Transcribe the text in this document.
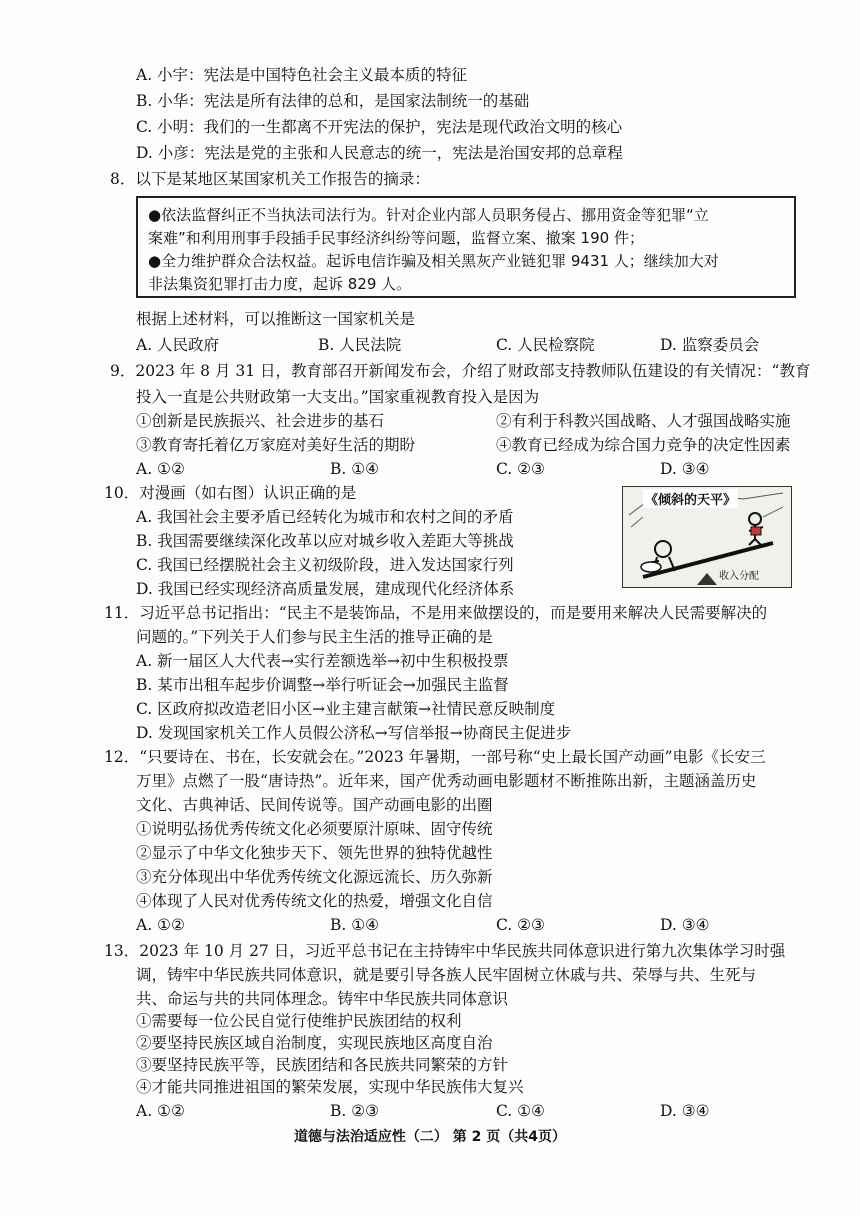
A. 小宇：宪法是中国特色社会主义最本质的特征
B. 小华：宪法是所有法律的总和，是国家法制统一的基础
C. 小明：我们的一生都离不开宪法的保护，宪法是现代政治文明的核心
D. 小彦：宪法是党的主张和人民意志的统一，宪法是治国安邦的总章程
8．以下是某地区某国家机关工作报告的摘录：
●依法监督纠正不当执法司法行为。针对企业内部人员职务侵占、挪用资金等犯罪“立
案难”和利用刑事手段插手民事经济纠纷等问题，监督立案、撤案 190 件；
●全力维护群众合法权益。起诉电信诈骗及相关黑灰产业链犯罪 9431 人；继续加大对
非法集资犯罪打击力度，起诉 829 人。
根据上述材料，可以推断这一国家机关是
A. 人民政府	B. 人民法院	C. 人民检察院	D. 监察委员会
9．2023 年 8 月 31 日，教育部召开新闻发布会，介绍了财政部支持教师队伍建设的有关情况：“教育
投入一直是公共财政第一大支出。”国家重视教育投入是因为
①创新是民族振兴、社会进步的基石	②有利于科教兴国战略、人才强国战略实施
③教育寄托着亿万家庭对美好生活的期盼	④教育已经成为综合国力竞争的决定性因素
A. ①②	B. ①④	C. ②③	D. ③④
10．对漫画（如右图）认识正确的是
A. 我国社会主要矛盾已经转化为城市和农村之间的矛盾
B. 我国需要继续深化改革以应对城乡收入差距大等挑战
C. 我国已经摆脱社会主义初级阶段，进入发达国家行列
D. 我国已经实现经济高质量发展，建成现代化经济体系
《倾斜的天平》
收入分配
11．习近平总书记指出：“民主不是装饰品，不是用来做摆设的，而是要用来解决人民需要解决的
问题的。”下列关于人们参与民主生活的推导正确的是
A. 新一届区人大代表→实行差额选举→初中生积极投票
B. 某市出租车起步价调整→举行听证会→加强民主监督
C. 区政府拟改造老旧小区→业主建言献策→社情民意反映制度
D. 发现国家机关工作人员假公济私→写信举报→协商民主促进步
12．“只要诗在、书在，长安就会在。”2023 年暑期，一部号称“史上最长国产动画”电影《长安三
万里》点燃了一股“唐诗热”。近年来，国产优秀动画电影题材不断推陈出新，主题涵盖历史
文化、古典神话、民间传说等。国产动画电影的出圈
①说明弘扬优秀传统文化必须要原汁原味、固守传统
②显示了中华文化独步天下、领先世界的独特优越性
③充分体现出中华优秀传统文化源远流长、历久弥新
④体现了人民对优秀传统文化的热爱，增强文化自信
A. ①②	B. ①④	C. ②③	D. ③④
13．2023 年 10 月 27 日，习近平总书记在主持铸牢中华民族共同体意识进行第九次集体学习时强
调，铸牢中华民族共同体意识，就是要引导各族人民牢固树立休戚与共、荣辱与共、生死与
共、命运与共的共同体理念。铸牢中华民族共同体意识
①需要每一位公民自觉行使维护民族团结的权利
②要坚持民族区域自治制度，实现民族地区高度自治
③要坚持民族平等，民族团结和各民族共同繁荣的方针
④才能共同推进祖国的繁荣发展，实现中华民族伟大复兴
A. ①②	B. ②③	C. ①④	D. ③④
道德与法治适应性（二） 第 2 页（共4页）
